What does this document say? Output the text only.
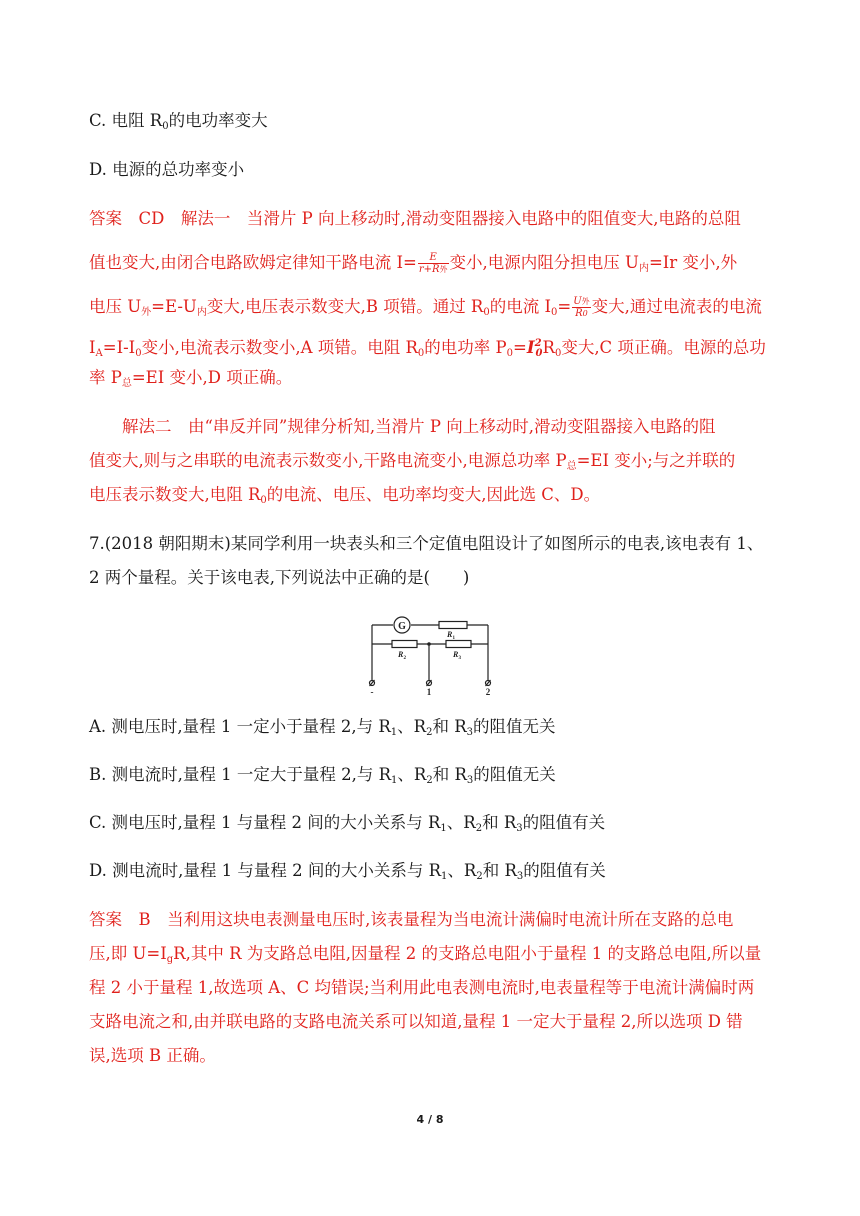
C. 电阻 $R_0$的电功率变大

D. 电源的总功率变小

答案　CD　解法一　当滑片 P 向上移动时,滑动变阻器接入电路中的阻值变大,电路的总阻

值也变大,由闭合电路欧姆定律知干路电流 $I= \frac{E}{\text{r+R外}}$ 变小,电源内阻分担电压 $U_内=Ir$ 变小,外

电压 $U_外=E-U_内$变大,电压表示数变大,B 项错。通过 $R_0$的电流 $I_0= \frac{\text{U外}}{R0}$ 变大,通过电流表的电流

$I_A=I-I_0$变小,电流表示数变小,A 项错。电阻 $R_0$的电功率 $P_0=I^2_0R_0$变大,C 项正确。电源的总功

率 $P_总=EI$ 变小,D 项正确。

解法二　由“串反并同”规律分析知,当滑片 P 向上移动时,滑动变阻器接入电路的阻

值变大,则与之串联的电流表示数变小,干路电流变小,电源总功率 $P_总=EI$ 变小;与之并联的

电压表示数变大,电阻 $R_0$的电流、电压、电功率均变大,因此选 C、D。

7.(2018 朝阳期末)某同学利用一块表头和三个定值电阻设计了如图所示的电表,该电表有 1、

2 两个量程。关于该电表,下列说法中正确的是(　　)

G
R 1
R 2	R 3
-	1	2

A. 测电压时,量程 1 一定小于量程 2,与 $R_1$、$R_2$和 $R_3$的阻值无关

B. 测电流时,量程 1 一定大于量程 2,与 $R_1$、$R_2$和 $R_3$的阻值无关

C. 测电压时,量程 1 与量程 2 间的大小关系与 $R_1$、$R_2$和 $R_3$的阻值有关

D. 测电流时,量程 1 与量程 2 间的大小关系与 $R_1$、$R_2$和 $R_3$的阻值有关

答案　B　当利用这块电表测量电压时,该表量程为当电流计满偏时电流计所在支路的总电

压,即 $U=I_gR$,其中 R 为支路总电阻,因量程 2 的支路总电阻小于量程 1 的支路总电阻,所以量

程 2 小于量程 1,故选项 A、C 均错误;当利用此电表测电流时,电表量程等于电流计满偏时两

支路电流之和,由并联电路的支路电流关系可以知道,量程 1 一定大于量程 2,所以选项 D 错

误,选项 B 正确。

4 / 8
